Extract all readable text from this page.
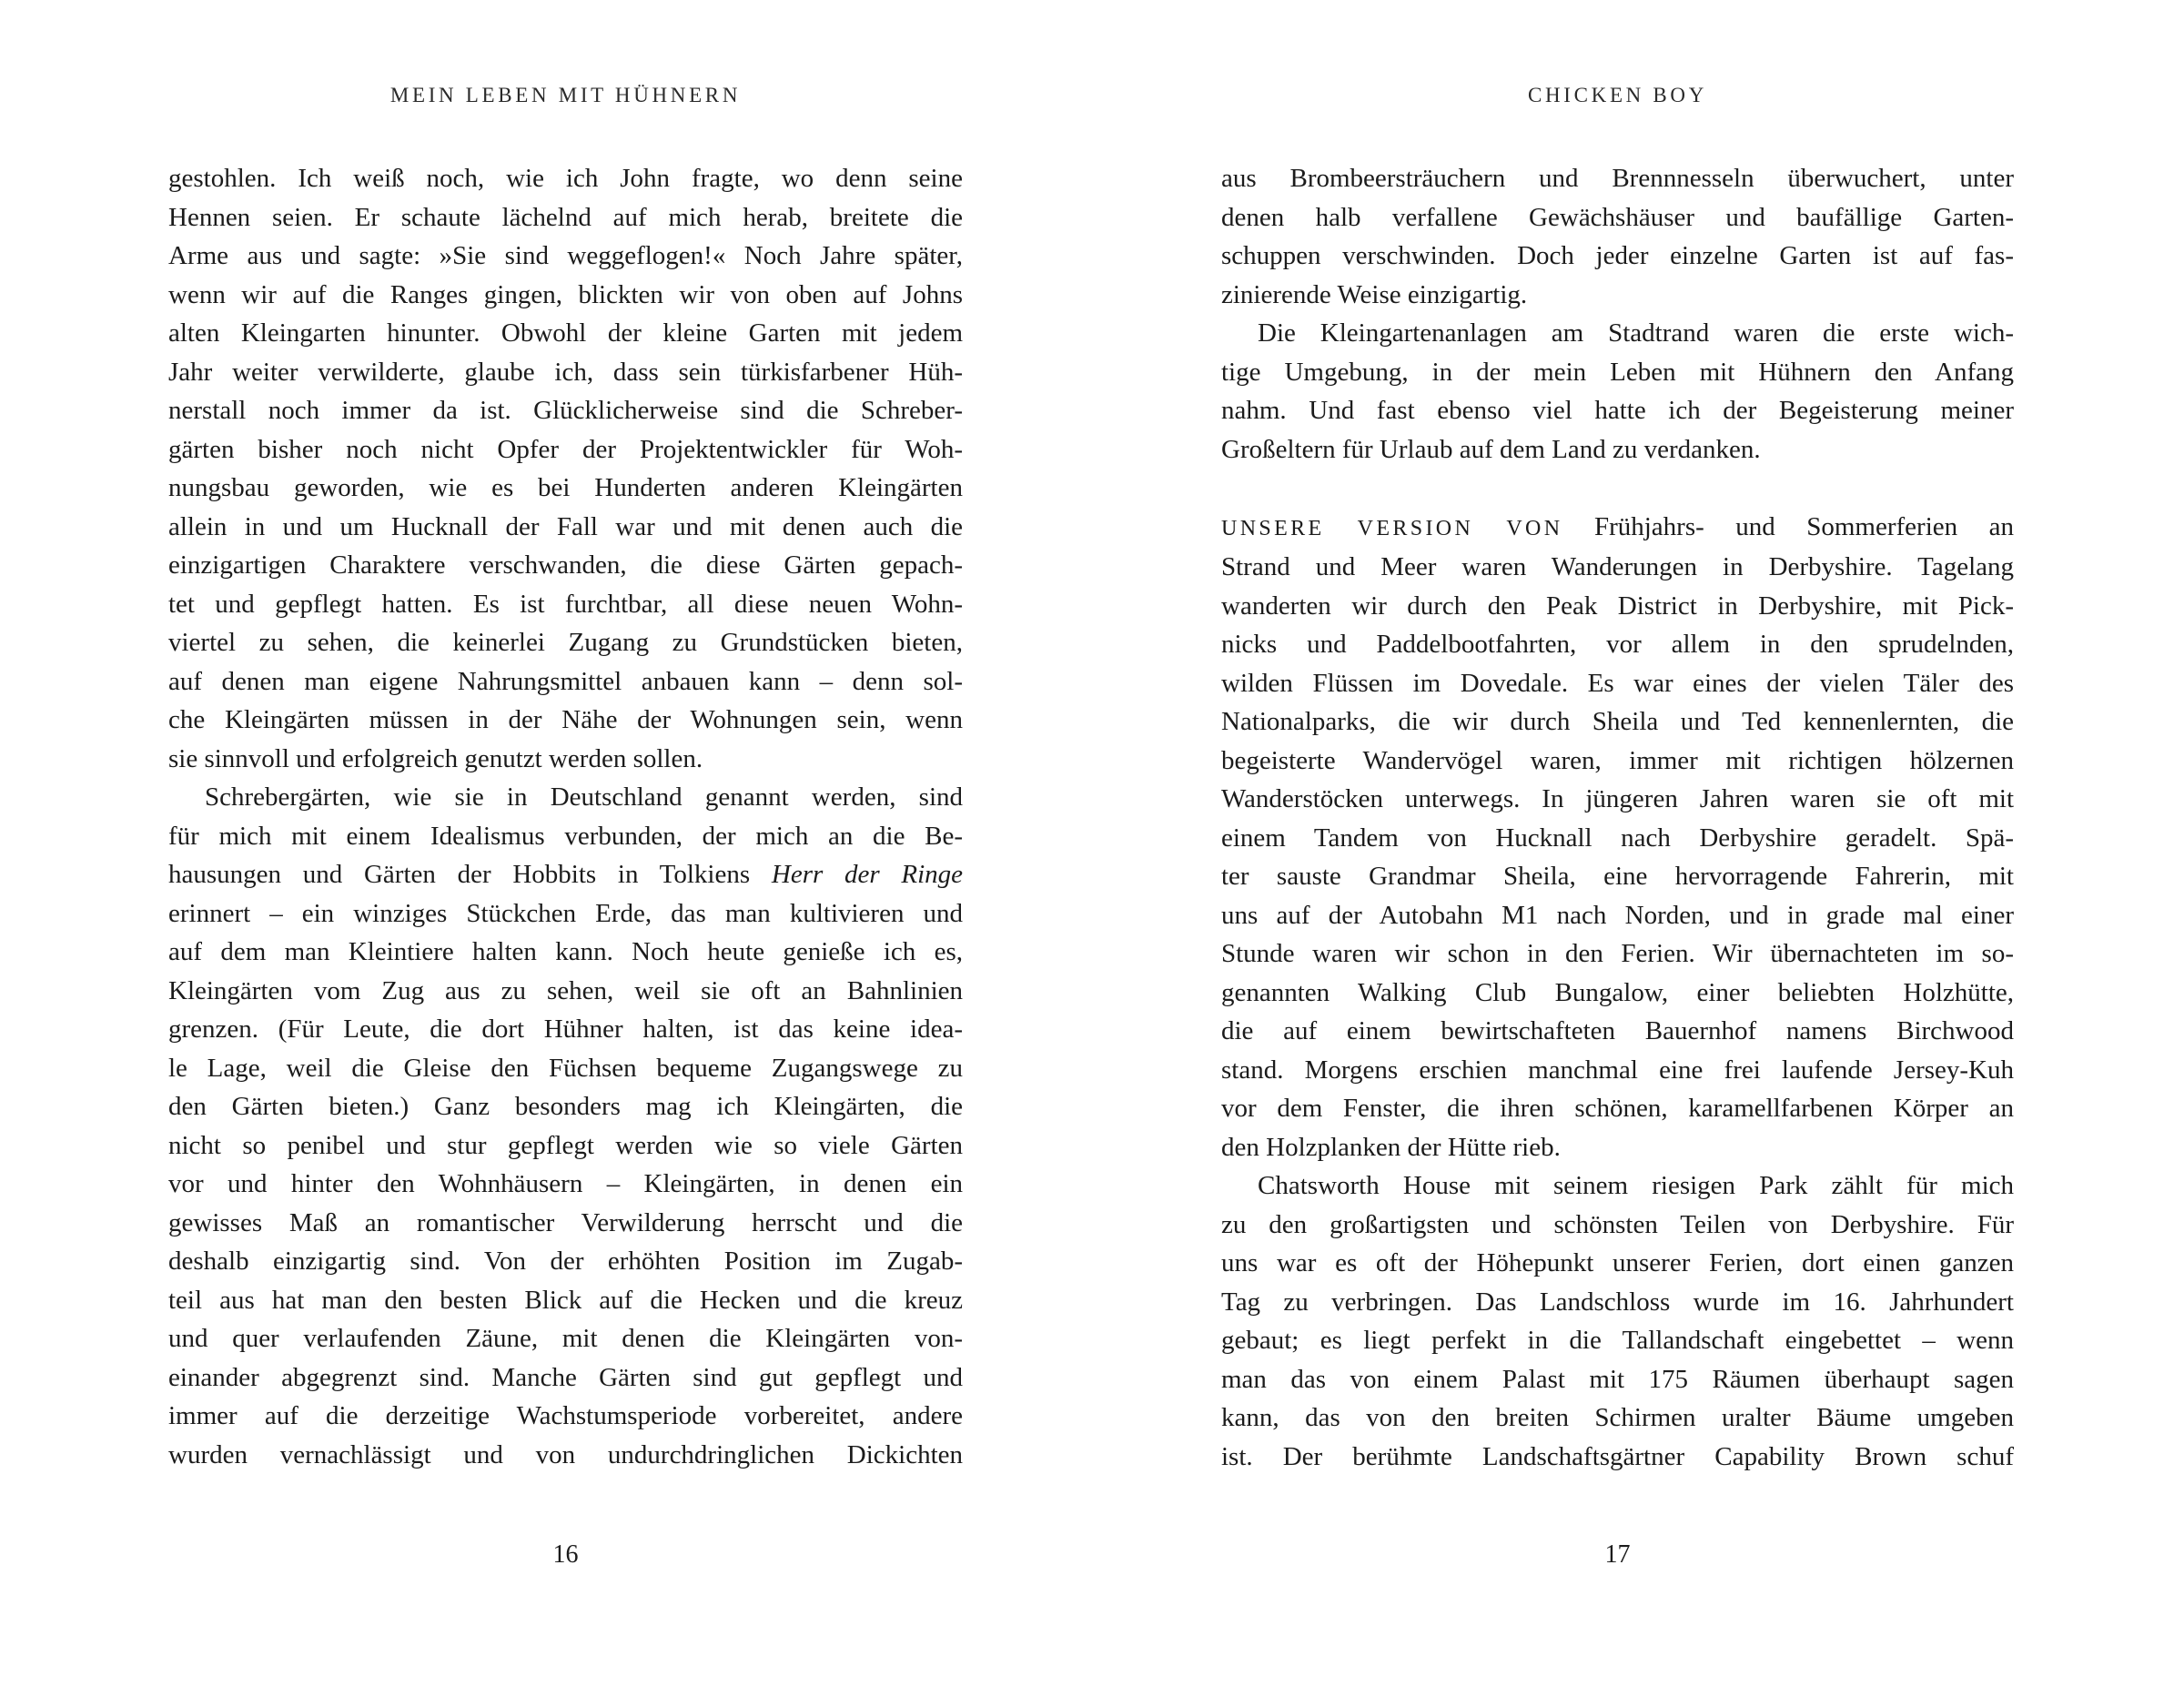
MEIN LEBEN MIT HÜHNERN
gestohlen. Ich weiß noch, wie ich John fragte, wo denn seine
Hennen seien. Er schaute lächelnd auf mich herab, breitete die
Arme aus und sagte: »Sie sind weggeflogen!« Noch Jahre später,
wenn wir auf die Ranges gingen, blickten wir von oben auf Johns
alten Kleingarten hinunter. Obwohl der kleine Garten mit jedem
Jahr weiter verwilderte, glaube ich, dass sein türkisfarbener Hüh-
nerstall noch immer da ist. Glücklicherweise sind die Schreber-
gärten bisher noch nicht Opfer der Projektentwickler für Woh-
nungsbau geworden, wie es bei Hunderten anderen Kleingärten
allein in und um Hucknall der Fall war und mit denen auch die
einzigartigen Charaktere verschwanden, die diese Gärten gepach-
tet und gepflegt hatten. Es ist furchtbar, all diese neuen Wohn-
viertel zu sehen, die keinerlei Zugang zu Grundstücken bieten,
auf denen man eigene Nahrungsmittel anbauen kann – denn sol-
che Kleingärten müssen in der Nähe der Wohnungen sein, wenn
sie sinnvoll und erfolgreich genutzt werden sollen.
Schrebergärten, wie sie in Deutschland genannt werden, sind
für mich mit einem Idealismus verbunden, der mich an die Be-
hausungen und Gärten der Hobbits in Tolkiens Herr der Ringe
erinnert – ein winziges Stückchen Erde, das man kultivieren und
auf dem man Kleintiere halten kann. Noch heute genieße ich es,
Kleingärten vom Zug aus zu sehen, weil sie oft an Bahnlinien
grenzen. (Für Leute, die dort Hühner halten, ist das keine idea-
le Lage, weil die Gleise den Füchsen bequeme Zugangswege zu
den Gärten bieten.) Ganz besonders mag ich Kleingärten, die
nicht so penibel und stur gepflegt werden wie so viele Gärten
vor und hinter den Wohnhäusern – Kleingärten, in denen ein
gewisses Maß an romantischer Verwilderung herrscht und die
deshalb einzigartig sind. Von der erhöhten Position im Zugab-
teil aus hat man den besten Blick auf die Hecken und die kreuz
und quer verlaufenden Zäune, mit denen die Kleingärten von-
einander abgegrenzt sind. Manche Gärten sind gut gepflegt und
immer auf die derzeitige Wachstumsperiode vorbereitet, andere
wurden vernachlässigt und von undurchdringlichen Dickichten
16
CHICKEN BOY
aus Brombeersträuchern und Brennnesseln überwuchert, unter
denen halb verfallene Gewächshäuser und baufällige Garten-
schuppen verschwinden. Doch jeder einzelne Garten ist auf fas-
zinierende Weise einzigartig.
Die Kleingartenanlagen am Stadtrand waren die erste wich-
tige Umgebung, in der mein Leben mit Hühnern den Anfang
nahm. Und fast ebenso viel hatte ich der Begeisterung meiner
Großeltern für Urlaub auf dem Land zu verdanken.
UNSERE VERSION VON Frühjahrs- und Sommerferien an
Strand und Meer waren Wanderungen in Derbyshire. Tagelang
wanderten wir durch den Peak District in Derbyshire, mit Pick-
nicks und Paddelbootfahrten, vor allem in den sprudelnden,
wilden Flüssen im Dovedale. Es war eines der vielen Täler des
Nationalparks, die wir durch Sheila und Ted kennenlernten, die
begeisterte Wandervögel waren, immer mit richtigen hölzernen
Wanderstöcken unterwegs. In jüngeren Jahren waren sie oft mit
einem Tandem von Hucknall nach Derbyshire geradelt. Spä-
ter sauste Grandmar Sheila, eine hervorragende Fahrerin, mit
uns auf der Autobahn M1 nach Norden, und in grade mal einer
Stunde waren wir schon in den Ferien. Wir übernachteten im so-
genannten Walking Club Bungalow, einer beliebten Holzhütte,
die auf einem bewirtschafteten Bauernhof namens Birchwood
stand. Morgens erschien manchmal eine frei laufende Jersey-Kuh
vor dem Fenster, die ihren schönen, karamellfarbenen Körper an
den Holzplanken der Hütte rieb.
Chatsworth House mit seinem riesigen Park zählt für mich
zu den großartigsten und schönsten Teilen von Derbyshire. Für
uns war es oft der Höhepunkt unserer Ferien, dort einen ganzen
Tag zu verbringen. Das Landschloss wurde im 16. Jahrhundert
gebaut; es liegt perfekt in die Tallandschaft eingebettet – wenn
man das von einem Palast mit 175 Räumen überhaupt sagen
kann, das von den breiten Schirmen uralter Bäume umgeben
ist. Der berühmte Landschaftsgärtner Capability Brown schuf
17
